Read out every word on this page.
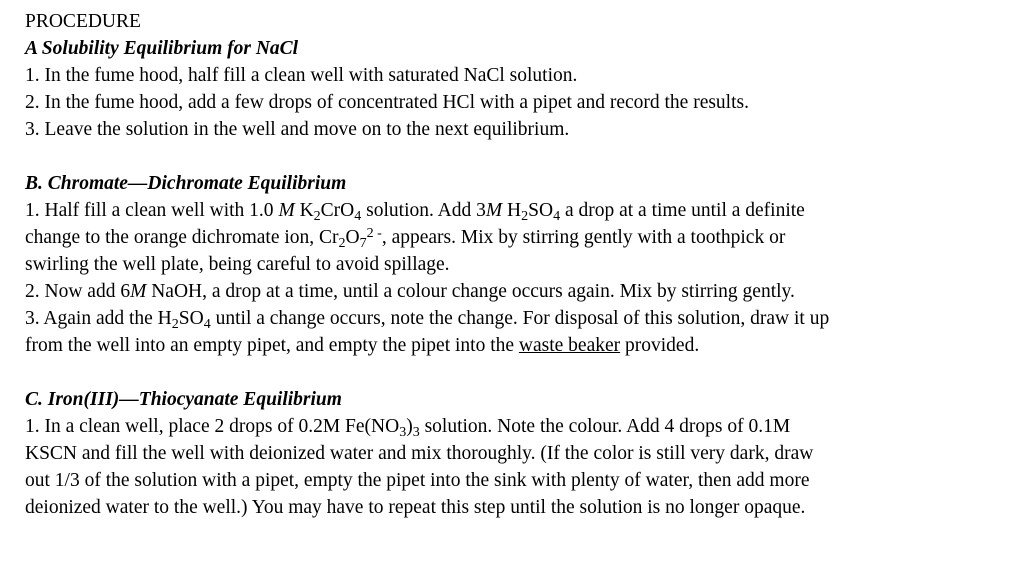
PROCEDURE
A Solubility Equilibrium for NaCl
1. In the fume hood, half fill a clean well with saturated NaCl solution.
2. In the fume hood, add a few drops of concentrated HCl with a pipet and record the results.
3. Leave the solution in the well and move on to the next equilibrium.
B. Chromate—Dichromate Equilibrium
1. Half fill a clean well with 1.0 M $K_2CrO_4$ solution. Add 3M $H_2SO_4$ a drop at a time until a definite
change to the orange dichromate ion, $Cr_2O_7^{2 -}$, appears. Mix by stirring gently with a toothpick or
swirling the well plate, being careful to avoid spillage.
2. Now add 6M NaOH, a drop at a time, until a colour change occurs again. Mix by stirring gently.
3. Again add the $H_2SO_4$ until a change occurs, note the change. For disposal of this solution, draw it up
from the well into an empty pipet, and empty the pipet into the waste beaker provided.
C. Iron(III)—Thiocyanate Equilibrium
1. In a clean well, place 2 drops of 0.2M $Fe(NO_3)_3$ solution. Note the colour. Add 4 drops of 0.1M
KSCN and fill the well with deionized water and mix thoroughly. (If the color is still very dark, draw
out 1/3 of the solution with a pipet, empty the pipet into the sink with plenty of water, then add more
deionized water to the well.) You may have to repeat this step until the solution is no longer opaque.
